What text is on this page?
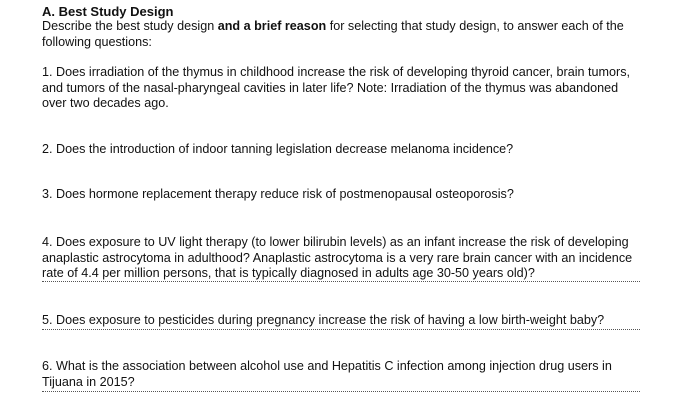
A. Best Study Design
Describe the best study design and a brief reason for selecting that study design, to answer each of the following questions:
1. Does irradiation of the thymus in childhood increase the risk of developing thyroid cancer, brain tumors, and tumors of the nasal-pharyngeal cavities in later life? Note: Irradiation of the thymus was abandoned over two decades ago.
2. Does the introduction of indoor tanning legislation decrease melanoma incidence?
3. Does hormone replacement therapy reduce risk of postmenopausal osteoporosis?
4. Does exposure to UV light therapy (to lower bilirubin levels) as an infant increase the risk of developing anaplastic astrocytoma in adulthood? Anaplastic astrocytoma is a very rare brain cancer with an incidence rate of 4.4 per million persons, that is typically diagnosed in adults age 30-50 years old)?
5. Does exposure to pesticides during pregnancy increase the risk of having a low birth-weight baby?
6. What is the association between alcohol use and Hepatitis C infection among injection drug users in Tijuana in 2015?
